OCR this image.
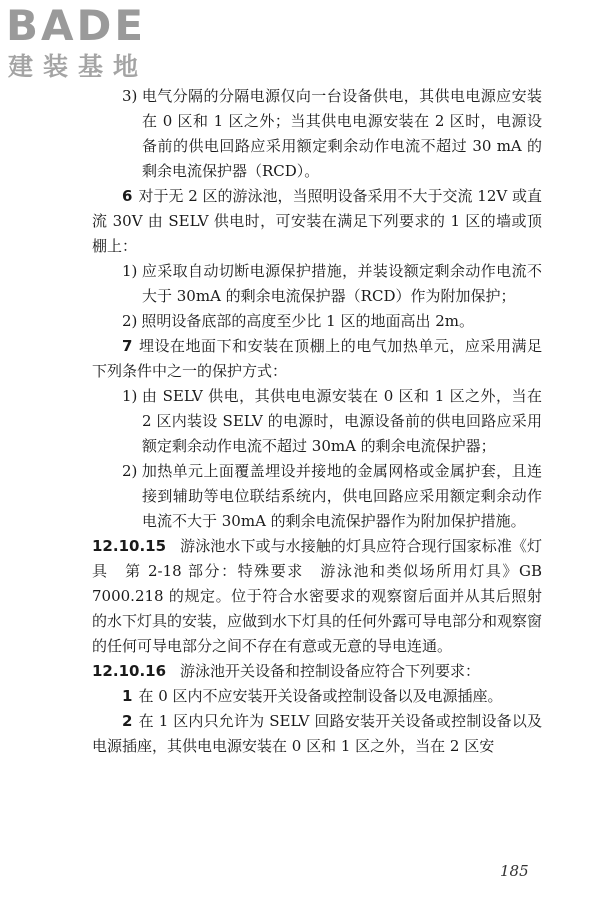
BADE
建装基地

3) 电气分隔的分隔电源仅向一台设备供电，其供电电源应安装在 0 区和 1 区之外；当其供电电源安装在 2 区时，电源设备前的供电回路应采用额定剩余动作电流不超过 30 mA 的剩余电流保护器（RCD）。

6 对于无 2 区的游泳池，当照明设备采用不大于交流 12V 或直流 30V 由 SELV 供电时，可安装在满足下列要求的 1 区的墙或顶棚上：

1) 应采取自动切断电源保护措施，并装设额定剩余动作电流不大于 30mA 的剩余电流保护器（RCD）作为附加保护；

2) 照明设备底部的高度至少比 1 区的地面高出 2m。

7 埋设在地面下和安装在顶棚上的电气加热单元，应采用满足下列条件中之一的保护方式：

1) 由 SELV 供电，其供电电源安装在 0 区和 1 区之外，当在 2 区内装设 SELV 的电源时，电源设备前的供电回路应采用额定剩余动作电流不超过 30mA 的剩余电流保护器；

2) 加热单元上面覆盖埋设并接地的金属网格或金属护套，且连接到辅助等电位联结系统内，供电回路应采用额定剩余动作电流不大于 30mA 的剩余电流保护器作为附加保护措施。

12.10.15 游泳池水下或与水接触的灯具应符合现行国家标准《灯具　第 2-18 部分：特殊要求　游泳池和类似场所用灯具》GB 7000.218 的规定。位于符合水密要求的观察窗后面并从其后照射的水下灯具的安装，应做到水下灯具的任何外露可导电部分和观察窗的任何可导电部分之间不存在有意或无意的导电连通。

12.10.16 游泳池开关设备和控制设备应符合下列要求：

1 在 0 区内不应安装开关设备或控制设备以及电源插座。

2 在 1 区内只允许为 SELV 回路安装开关设备或控制设备以及电源插座，其供电电源安装在 0 区和 1 区之外，当在 2 区安

185
